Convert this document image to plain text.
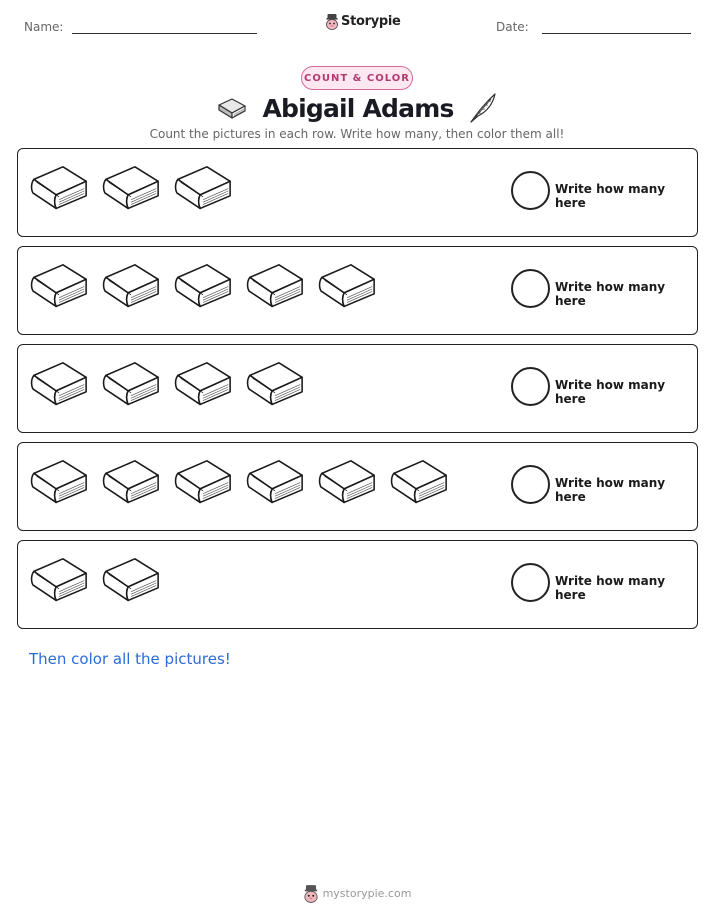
Name:	Storypie	Date:
COUNT & COLOR
Abigail Adams
Count the pictures in each row. Write how many, then color them all!
Write how many here
Write how many here
Write how many here
Write how many here
Write how many here
Then color all the pictures!
mystorypie.com
